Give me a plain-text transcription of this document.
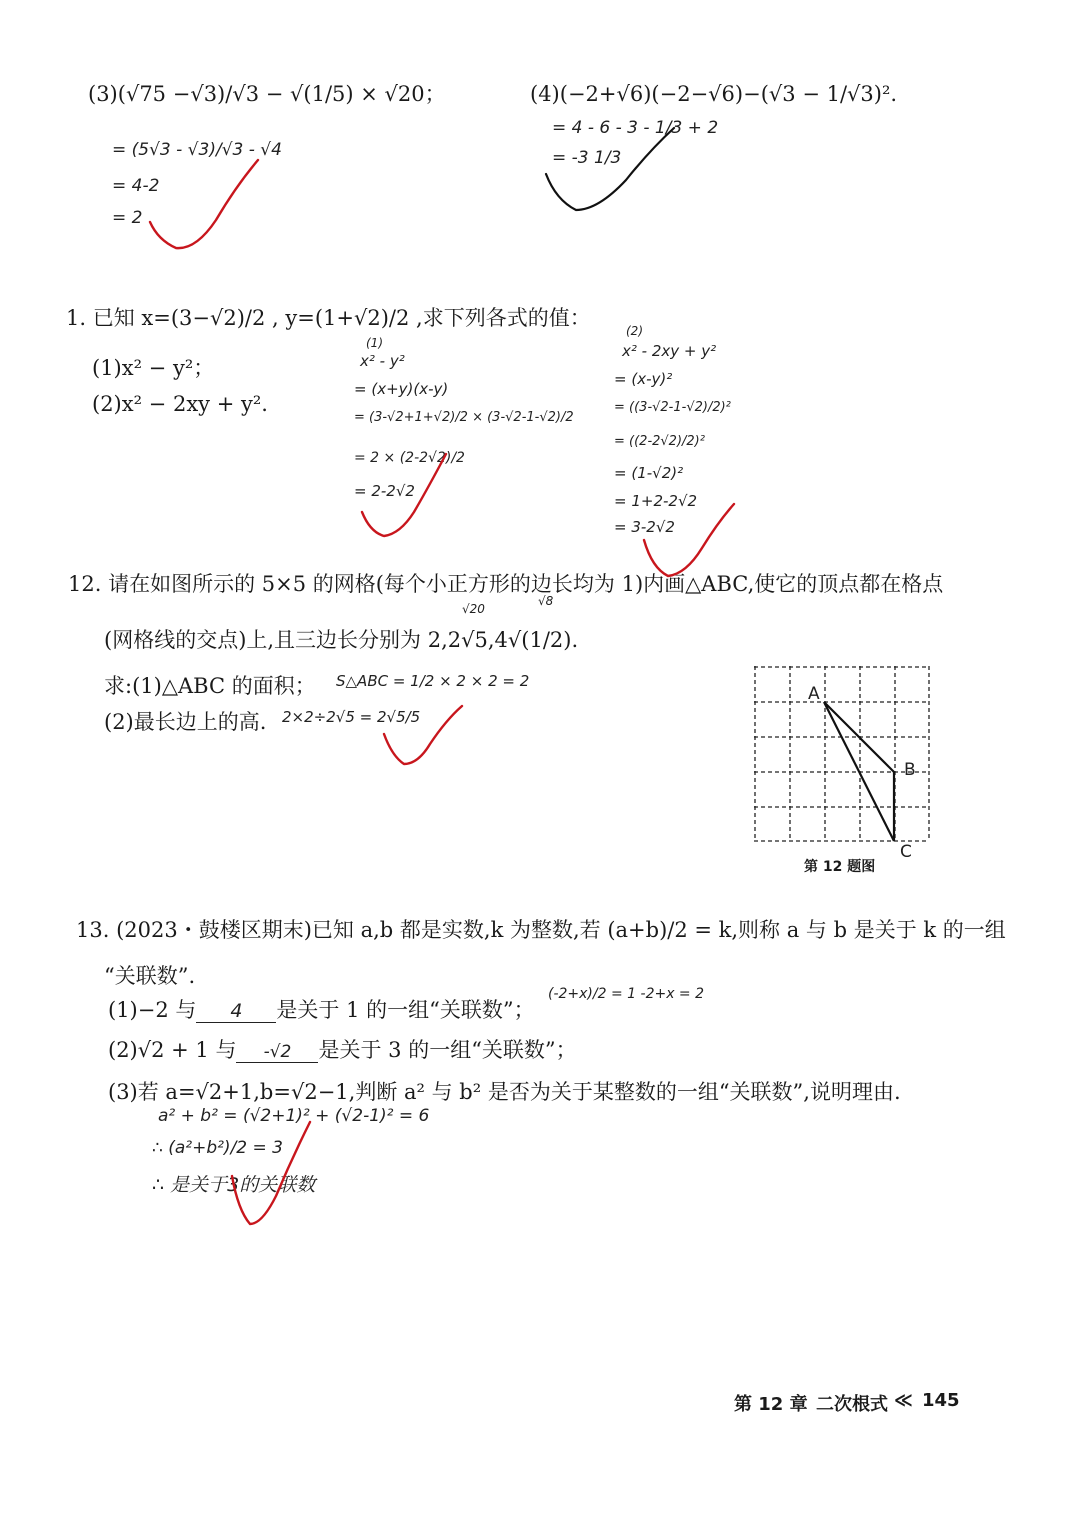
(3)(√75 −√3)/√3 − √(1/5) × √20；
= (5√3 - √3)/√3 - √4
= 4-2
= 2
(4)(−2+√6)(−2−√6)−(√3 − 1/√3)².
= 4 - 6 - 3 - 1/3 + 2
= -3 1/3
1. 已知 x=(3−√2)/2 , y=(1+√2)/2 ,求下列各式的值：
(1)x² − y²；
(2)x² − 2xy + y².
(1)
x² - y²
= (x+y)(x-y)
= (3-√2+1+√2)/2 × (3-√2-1-√2)/2
= 2 × (2-2√2)/2
= 2-2√2
(2)
x² - 2xy + y²
= (x-y)²
= ((3-√2-1-√2)/2)²
= ((2-2√2)/2)²
= (1-√2)²
= 1+2-2√2
= 3-2√2
12. 请在如图所示的 5×5 的网格(每个小正方形的边长均为 1)内画△ABC,使它的顶点都在格点
√20
√8
(网格线的交点)上,且三边长分别为 2,2√5,4√(1/2).
求:(1)△ABC 的面积； S△ABC = 1/2 × 2 × 2 = 2
(2)最长边上的高. 2×2÷2√5 = 2√5/5
A
B
C
第 12 题图
13. (2023・鼓楼区期末)已知 a,b 都是实数,k 为整数,若 (a+b)/2 = k,则称 a 与 b 是关于 k 的一组
“关联数”.
(1)−2 与 4 是关于 1 的一组“关联数”；
(-2+x)/2 = 1 -2+x = 2
(2)√2 + 1 与 -√2 是关于 3 的一组“关联数”；
(3)若 a=√2+1,b=√2−1,判断 a² 与 b² 是否为关于某整数的一组“关联数”,说明理由.
a² + b² = (√2+1)² + (√2-1)² = 6
∴ (a²+b²)/2 = 3
∴ 是关于3的关联数
第 12 章 二次根式 ≪ 145
